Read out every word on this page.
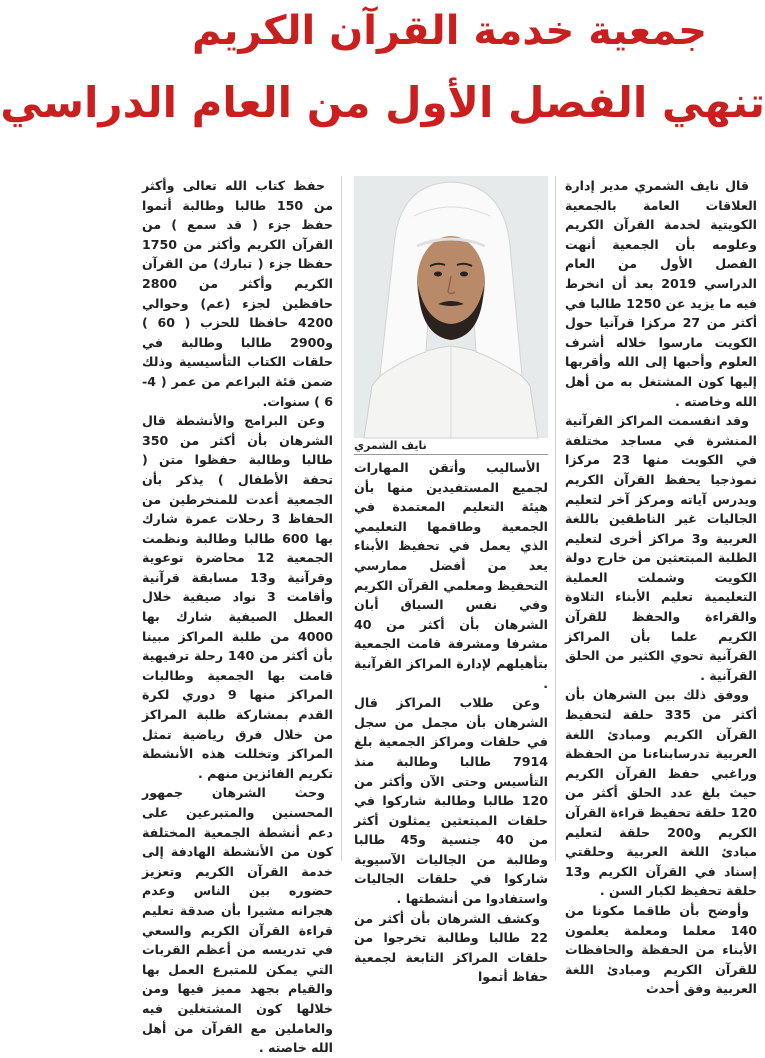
جمعية خدمة القرآن الكريم
تنهي الفصل الأول من العام الدراسي

قال نايف الشمري مدير إدارة العلاقات العامة بالجمعية الكويتية لخدمة القرآن الكريم وعلومه بأن الجمعية أنهت الفصل الأول من العام الدراسي 2019 بعد أن انخرط فيه ما يزيد عن 1250 طالبا في أكثر من 27 مركزا قرآنيا حول الكويت مارسوا خلاله أشرف العلوم وأحبها إلى الله وأقربها إليها كون المشتغل به من أهل الله وخاصته .

وقد انقسمت المراكز القرآنية المنشرة في مساجد مختلفة في الكويت منها 23 مركزا نموذجيا يحفظ القرآن الكريم ويدرس آياته ومركز آخر لتعليم الجاليات غير الناطقين باللغة العربية و3 مراكز أخرى لتعليم الطلبة المبتعثين من خارج دولة الكويت وشملت العملية التعليمية تعليم الأبناء التلاوة والقراءة والحفظ للقرآن الكريم علما بأن المراكز القرآنية تحوي الكثير من الحلق القرآنية .

ووفق ذلك بين الشرهان بأن أكثر من 335 حلقة لتحفيظ القرآن الكريم ومبادئ اللغة العربية تدرسابناءنا من الحفظة وراغبي حفظ القرآن الكريم حيث بلغ عدد الحلق أكثر من 120 حلقة تحفيظ قراءة القرآن الكريم و200 حلقة لتعليم مبادئ اللغة العربية وحلقتي إسناد في القرآن الكريم و13 حلقة تحفيظ لكبار السن .

وأوضح بأن طاقما مكونا من 140 معلما ومعلمة يعلمون الأبناء من الحفظة والحافظات للقرآن الكريم ومبادئ اللغة العربية وفق أحدث

نايف الشمري

الأساليب وأتقن المهارات لجميع المستفيدين منها بأن هيئة التعليم المعتمدة في الجمعية وطاقمها التعليمي الذي يعمل في تحفيظ الأبناء يعد من أفضل ممارسي التحفيظ ومعلمي القرآن الكريم وفي نفس السياق أبان الشرهان بأن أكثر من 40 مشرفا ومشرفة قامت الجمعية بتأهيلهم لإدارة المراكز القرآنية .

وعن طلاب المراكز قال الشرهان بأن مجمل من سجل في حلقات ومراكز الجمعية بلغ 7914 طالبا وطالبة منذ التأسيس وحتى الآن وأكثر من 120 طالبا وطالبة شاركوا في حلقات المبتعثين يمثلون أكثر من 40 جنسية و45 طالبا وطالبة من الجاليات الآسيوية شاركوا في حلقات الجاليات واستفادوا من أنشطتها .

وكشف الشرهان بأن أكثر من 22 طالبا وطالبة تخرجوا من حلقات المراكز التابعة لجمعية حفاظ أتموا

حفظ كتاب الله تعالى وأكثر من 150 طالبا وطالبة أتموا حفظ جزء ( قد سمع ) من القرآن الكريم وأكثر من 1750 حفظا جزء ( تبارك) من القرآن الكريم وأكثر من 2800 حافظين لجزء (عم) وحوالي 4200 حافظا للحزب ( 60 ) و2900 طالبا وطالبة في حلقات الكتاب التأسيسية وذلك ضمن فئة البراعم من عمر ( 4-6 ) سنوات.

وعن البرامج والأنشطة قال الشرهان بأن أكثر من 350 طالبا وطالبة حفظوا متن ( تحفة الأطفال ) يذكر بأن الجمعية أعدت للمنخرطين من الحفاظ 3 رحلات عمرة شارك بها 600 طالبا وطالبة ونظمت الجمعية 12 محاضرة توعوية وقرآنية و13 مسابقة قرآنية وأقامت 3 نواد صيفية خلال العطل الصيفية شارك بها 4000 من طلبة المراكز مبينا بأن أكثر من 140 رحلة ترفيهية قامت بها الجمعية وطالبات المراكز منها 9 دوري لكرة القدم بمشاركة طلبة المراكز من خلال فرق رياضية تمثل المراكز وتخللت هذه الأنشطة تكريم الفائزين منهم .

وحث الشرهان جمهور المحسنين والمتبرعين على دعم أنشطة الجمعية المختلفة كون من الأنشطة الهادفة إلى خدمة القرآن الكريم وتعزيز حضوره بين الناس وعدم هجرانه مشيرا بأن صدقة تعليم قراءة القرآن الكريم والسعي في تدريسه من أعظم القربات التي يمكن للمتبرع العمل بها والقيام بجهد مميز فيها ومن خلالها كون المشتغلين فيه والعاملين مع القرآن من أهل الله خاصته .
